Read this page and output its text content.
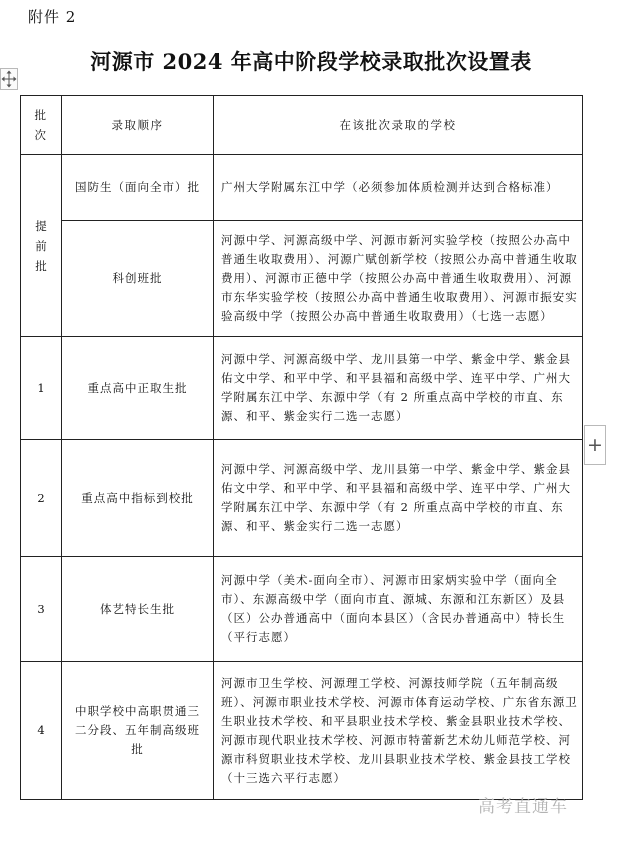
附件 2
河源市 2024 年高中阶段学校录取批次设置表
批次	录取顺序	在该批次录取的学校
提前批	国防生（面向全市）批	广州大学附属东江中学（必须参加体质检测并达到合格标准）
	科创班批	河源中学、河源高级中学、河源市新河实验学校（按照公办高中普通生收取费用）、河源广赋创新学校（按照公办高中普通生收取费用）、河源市正德中学（按照公办高中普通生收取费用）、河源市东华实验学校（按照公办高中普通生收取费用）、河源市振安实验高级中学（按照公办高中普通生收取费用）（七选一志愿）
1	重点高中正取生批	河源中学、河源高级中学、龙川县第一中学、紫金中学、紫金县佑文中学、和平中学、和平县福和高级中学、连平中学、广州大学附属东江中学、东源中学（有 2 所重点高中学校的市直、东源、和平、紫金实行二选一志愿）
2	重点高中指标到校批	河源中学、河源高级中学、龙川县第一中学、紫金中学、紫金县佑文中学、和平中学、和平县福和高级中学、连平中学、广州大学附属东江中学、东源中学（有 2 所重点高中学校的市直、东源、和平、紫金实行二选一志愿）
3	体艺特长生批	河源中学（美术-面向全市）、河源市田家炳实验中学（面向全市）、东源高级中学（面向市直、源城、东源和江东新区）及县（区）公办普通高中（面向本县区）（含民办普通高中）特长生（平行志愿）
4	中职学校中高职贯通三二分段、五年制高级班批	河源市卫生学校、河源理工学校、河源技师学院（五年制高级班）、河源市职业技术学校、河源市体育运动学校、广东省东源卫生职业技术学校、和平县职业技术学校、紫金县职业技术学校、河源市现代职业技术学校、河源市特蕾新艺术幼儿师范学校、河源市科贸职业技术学校、龙川县职业技术学校、紫金县技工学校（十三选六平行志愿）
+
高考直通车
